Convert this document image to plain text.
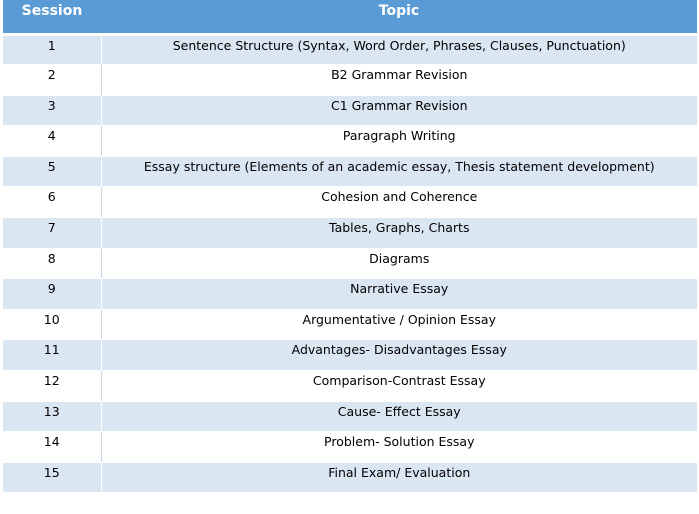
Session	Topic
1	Sentence Structure (Syntax, Word Order, Phrases, Clauses, Punctuation)
2	B2 Grammar Revision
3	C1 Grammar Revision
4	Paragraph Writing
5	Essay structure (Elements of an academic essay, Thesis statement development)
6	Cohesion and Coherence
7	Tables, Graphs, Charts
8	Diagrams
9	Narrative Essay
10	Argumentative / Opinion Essay
11	Advantages- Disadvantages Essay
12	Comparison-Contrast Essay
13	Cause- Effect Essay
14	Problem- Solution Essay
15	Final Exam/ Evaluation
